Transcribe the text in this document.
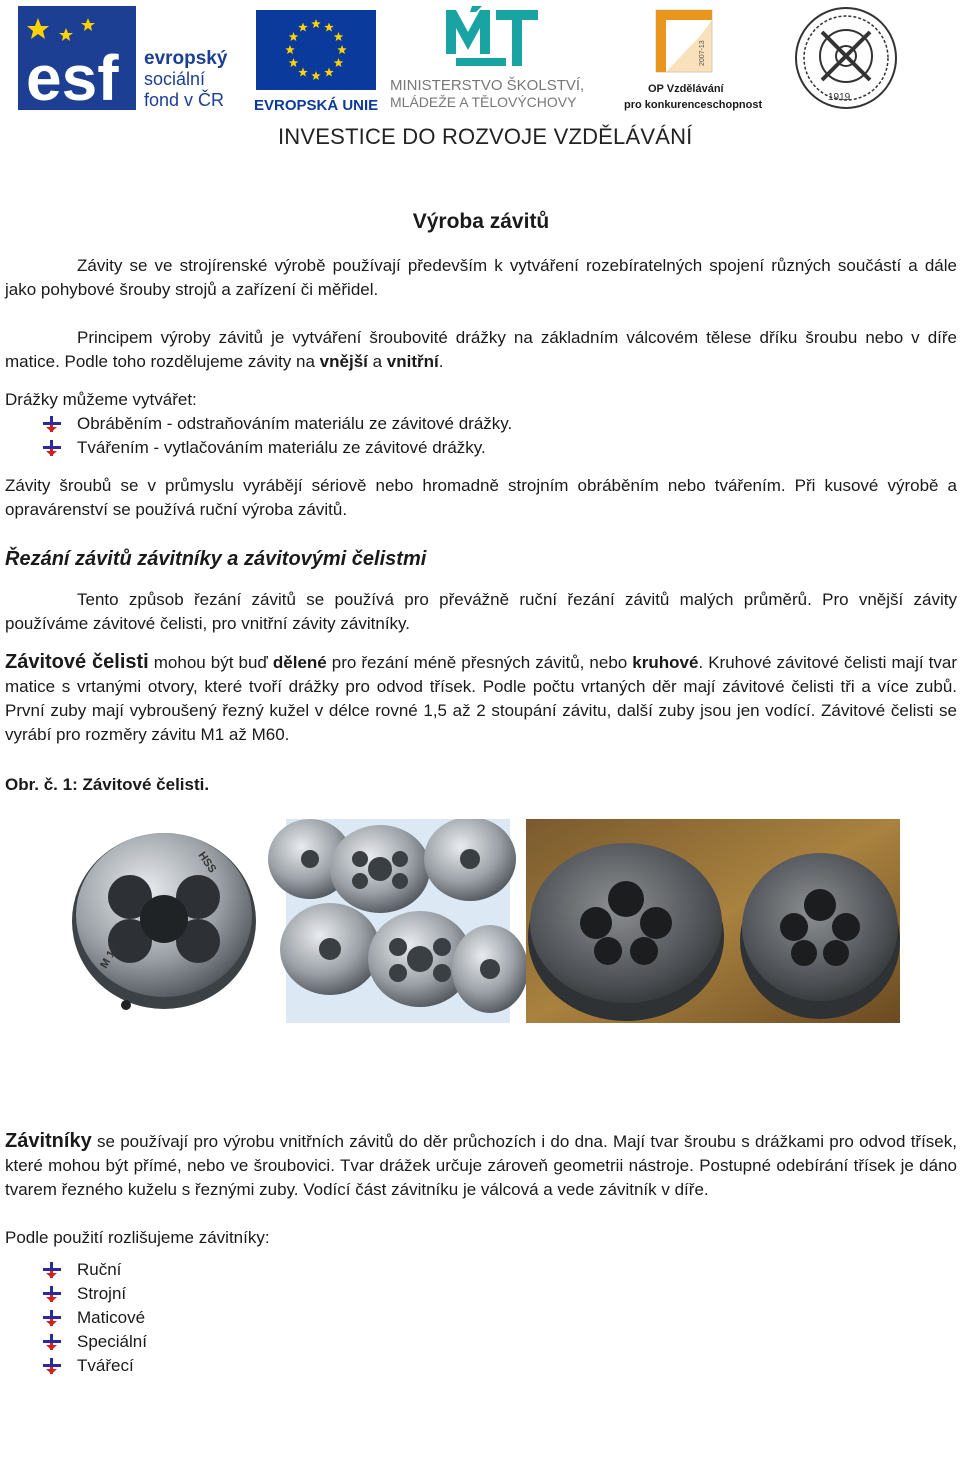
esf evropský
sociální
fond v ČR EVROPSKÁ UNIE
MINISTERSTVO ŠKOLSTVÍ,
MLÁDEŽE A TĚLOVÝCHOVY
2007-13
OP Vzdělávání
pro konkurenceschopnost
1919
INVESTICE DO ROZVOJE VZDĚLÁVÁNÍ
Výroba závitů

Závity se ve strojírenské výrobě používají především k vytváření rozebíratelných spojení různých součástí a dále jako pohybové šrouby strojů a zařízení či měřidel.

Principem výroby závitů je vytváření šroubovité drážky na základním válcovém tělese dříku šroubu nebo v díře matice. Podle toho rozdělujeme závity na vnější a vnitřní.

Drážky můžeme vytvářet:

Obráběním - odstraňováním materiálu ze závitové drážky.
Tvářením - vytlačováním materiálu ze závitové drážky.

Závity šroubů se v průmyslu vyrábějí sériově nebo hromadně strojním obráběním nebo tvářením. Při kusové výrobě a opravárenství se používá ruční výroba závitů.

Řezání závitů závitníky a závitovými čelistmi

Tento způsob řezání závitů se používá pro převážně ruční řezání závitů malých průměrů. Pro vnější závity používáme závitové čelisti, pro vnitřní závity závitníky.

Závitové čelisti mohou být buď dělené pro řezání méně přesných závitů, nebo kruhové. Kruhové závitové čelisti mají tvar matice s vrtanými otvory, které tvoří drážky pro odvod třísek. Podle počtu vrtaných děr mají závitové čelisti tři a více zubů. První zuby mají vybroušený řezný kužel v délce rovné 1,5 až 2 stoupání závitu, další zuby jsou jen vodící. Závitové čelisti se vyrábí pro rozměry závitu M1 až M60.

Obr. č. 1: Závitové čelisti.

HSS
M 10

Závitníky se používají pro výrobu vnitřních závitů do děr průchozích i do dna. Mají tvar šroubu s drážkami pro odvod třísek, které mohou být přímé, nebo ve šroubovici. Tvar drážek určuje zároveň geometrii nástroje. Postupné odebírání třísek je dáno tvarem řezného kuželu s řeznými zuby. Vodící část závitníku je válcová a vede závitník v díře.

Podle použití rozlišujeme závitníky:

Ruční
Strojní
Maticové
Speciální
Tvářecí
